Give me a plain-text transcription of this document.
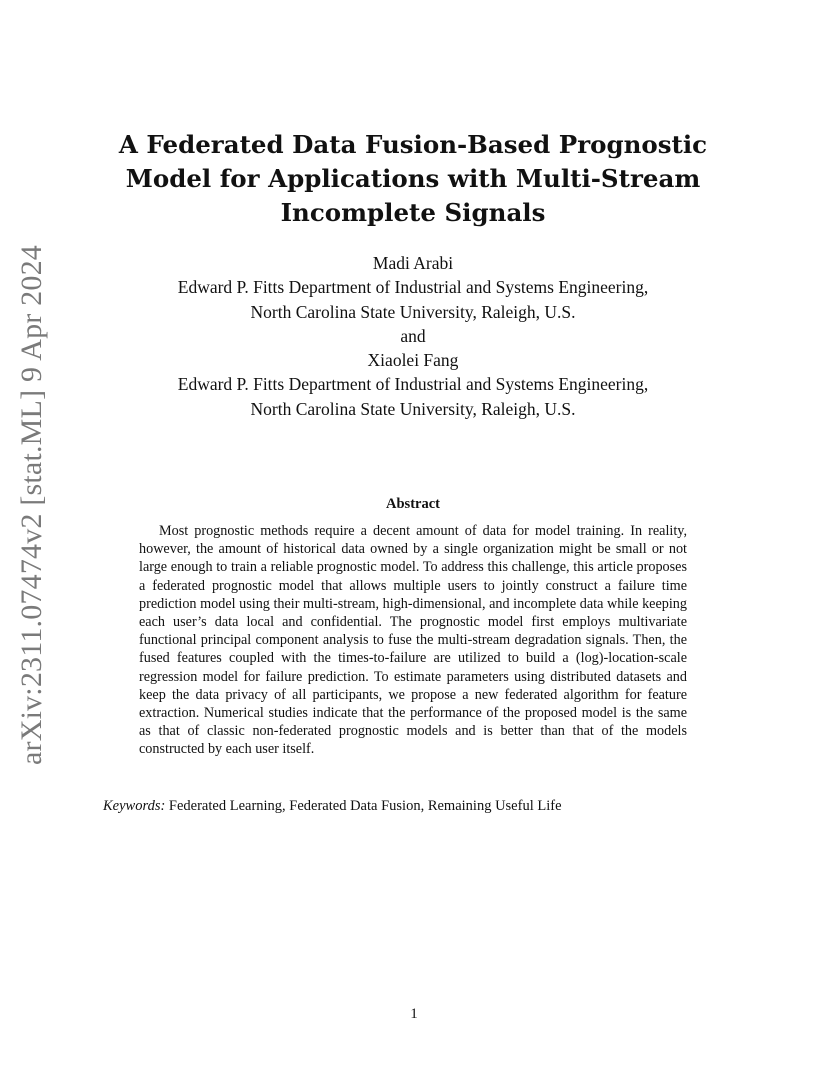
arXiv:2311.07474v2 [stat.ML] 9 Apr 2024
A Federated Data Fusion-Based Prognostic Model for Applications with Multi-Stream Incomplete Signals
Madi Arabi
Edward P. Fitts Department of Industrial and Systems Engineering,
North Carolina State University, Raleigh, U.S.
and
Xiaolei Fang
Edward P. Fitts Department of Industrial and Systems Engineering,
North Carolina State University, Raleigh, U.S.
Abstract

Most prognostic methods require a decent amount of data for model training. In reality, however, the amount of historical data owned by a single organization might be small or not large enough to train a reliable prognostic model. To address this challenge, this article proposes a federated prognostic model that allows multiple users to jointly construct a failure time prediction model using their multi-stream, high-dimensional, and incomplete data while keeping each user’s data local and confidential. The prognostic model first employs multivariate functional principal component analysis to fuse the multi-stream degradation signals. Then, the fused features coupled with the times-to-failure are utilized to build a (log)-location-scale regression model for failure prediction. To estimate parameters using distributed datasets and keep the data privacy of all participants, we propose a new federated algorithm for feature extraction. Numerical studies indicate that the performance of the proposed model is the same as that of classic non-federated prognostic models and is better than that of the models constructed by each user itself.

Keywords: Federated Learning, Federated Data Fusion, Remaining Useful Life
1
